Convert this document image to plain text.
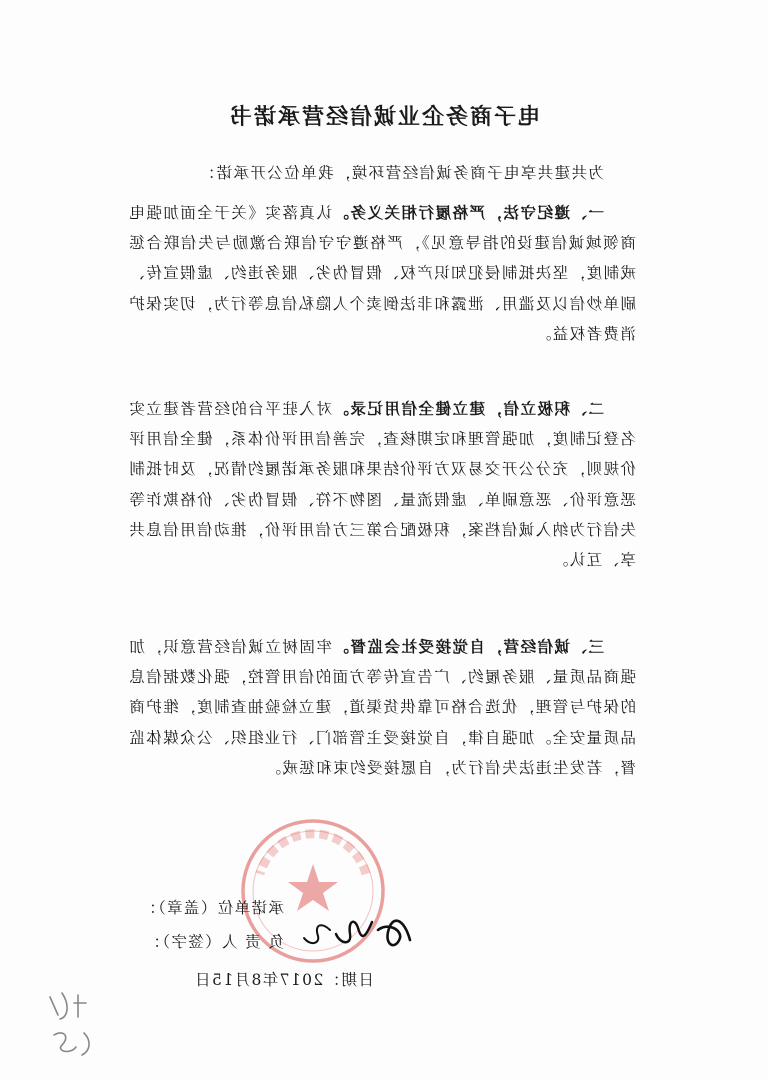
电子商务企业诚信经营承诺书

为共建共享电子商务诚信经营环境，我单位公开承诺：

一、遵纪守法，严格履行相关义务。认真落实《关于全面加强电商领域诚信建设的指导意见》，严格遵守守信联合激励与失信联合惩戒制度，坚决抵制侵犯知识产权、假冒伪劣、服务违约、虚假宣传、刷单炒信以及滥用、泄露和非法倒卖个人隐私信息等行为，切实保护消费者权益。

二、积极立信，建立健全信用记录。对入驻平台的经营者建立实名登记制度，加强管理和定期核查，完善信用评价体系，健全信用评价规则，充分公开交易双方评价结果和服务承诺履约情况，及时抵制恶意评价、恶意刷单、虚假流量、图物不符、假冒伪劣、价格欺诈等失信行为纳入诚信档案，积极配合第三方信用评价，推动信用信息共享、互认。

三、诚信经营，自觉接受社会监督。牢固树立诚信经营意识，加强商品质量、服务履约、广告宣传等方面的信用管控，强化数据信息的保护与管理，优选合格可靠供货渠道，建立检验抽查制度，维护商品质量安全。加强自律，自觉接受主管部门、行业组织、公众媒体监督，若发生违法失信行为，自愿接受约束和惩戒。

承诺单位（盖章）：
负 责 人（签字）：
日期：2017年8月15日
